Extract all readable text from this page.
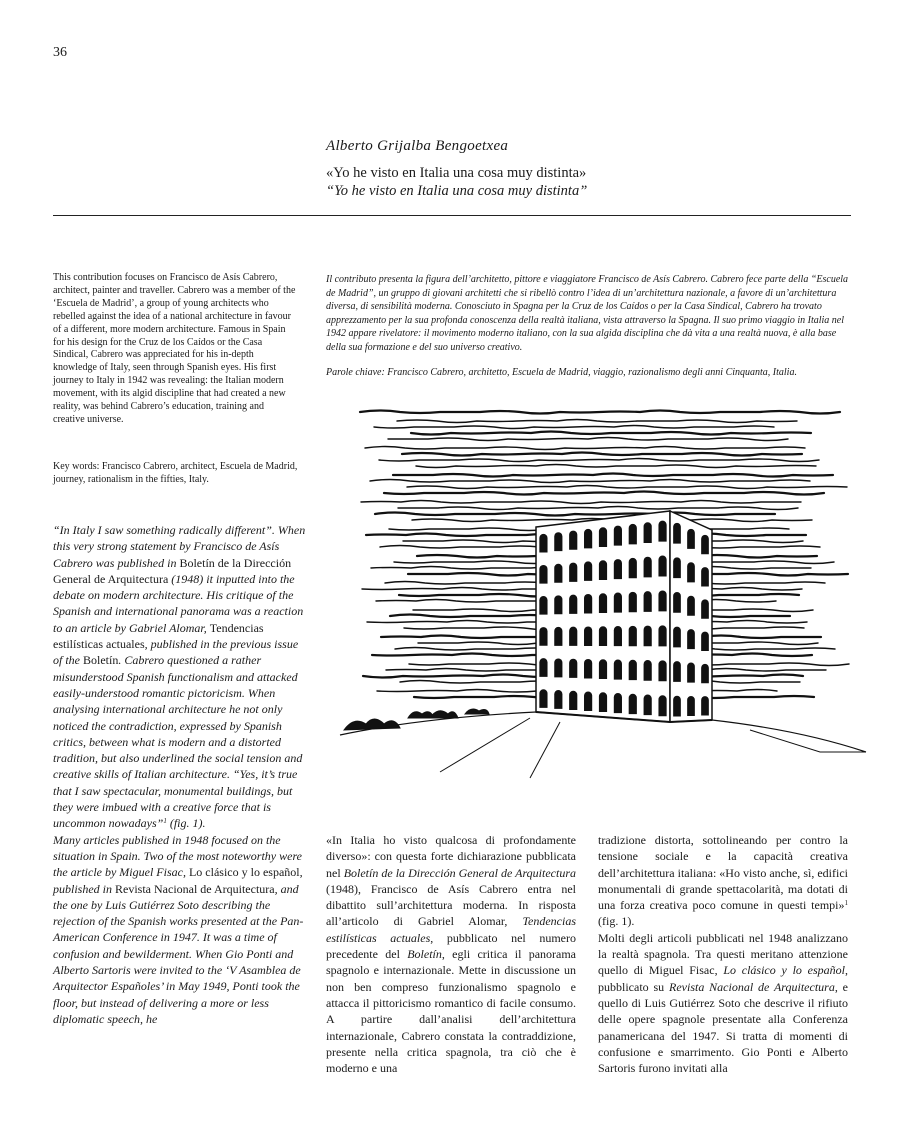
36

Alberto Grijalba Bengoetxea

«Yo he visto en Italia una cosa muy distinta»

“Yo he visto en Italia una cosa muy distinta”

This contribution focuses on Francisco de Asís Cabrero, architect, painter and traveller. Cabrero was a member of the ‘Escuela de Madrid’, a group of young architects who rebelled against the idea of a national architecture in favour of a different, more modern architecture. Famous in Spain for his design for the Cruz de los Caídos or the Casa Sindical, Cabrero was appreciated for his in-depth knowledge of Italy, seen through Spanish eyes. His first journey to Italy in 1942 was revealing: the Italian modern movement, with its algid discipline that had created a new reality, was behind Cabrero’s education, training and creative universe.

Key words: Francisco Cabrero, architect, Escuela de Madrid, journey, rationalism in the fifties, Italy.

Il contributo presenta la figura dell’architetto, pittore e viaggiatore Francisco de Asís Cabrero. Cabrero fece parte della “Escuela de Madrid”, un gruppo di giovani architetti che si ribellò contro l’idea di un’architettura nazionale, a favore di un’architettura diversa, di sensibilità moderna. Conosciuto in Spagna per la Cruz de los Caídos o per la Casa Sindical, Cabrero ha trovato apprezzamento per la sua profonda conoscenza della realtà italiana, vista attraverso la Spagna. Il suo primo viaggio in Italia nel 1942 appare rivelatore: il movimento moderno italiano, con la sua algida disciplina che dà vita a una realtà nuova, è alla base della sua formazione e del suo universo creativo.

Parole chiave: Francisco Cabrero, architetto, Escuela de Madrid, viaggio, razionalismo degli anni Cinquanta, Italia.

“In Italy I saw something radically different”. When this very strong statement by Francisco de Asís Cabrero was published in Boletín de la Dirección General de Arquitectura (1948) it inputted into the debate on modern architecture. His critique of the Spanish and international panorama was a reaction to an article by Gabriel Alomar, Tendencias estilísticas actuales, published in the previous issue of the Boletín. Cabrero questioned a rather misunderstood Spanish functionalism and attacked easily-understood romantic pictoricism. When analysing international architecture he not only noticed the contradiction, expressed by Spanish critics, between what is modern and a distorted tradition, but also underlined the social tension and creative skills of Italian architecture. “Yes, it’s true that I saw spectacular, monumental buildings, but they were imbued with a creative force that is uncommon nowadays”$^1$ (fig. 1).
Many articles published in 1948 focused on the situation in Spain. Two of the most noteworthy were the article by Miguel Fisac, Lo clásico y lo español, published in Revista Nacional de Arquitectura, and the one by Luis Gutiérrez Soto describing the rejection of the Spanish works presented at the Pan-American Conference in 1947. It was a time of confusion and bewilderment. When Gio Ponti and Alberto Sartoris were invited to the ‘V Asamblea de Arquitector Españoles’ in May 1949, Ponti took the floor, but instead of delivering a more or less diplomatic speech, he

«In Italia ho visto qualcosa di profondamente diverso»: con questa forte dichiarazione pubblicata nel Boletín de la Dirección General de Arquitectura (1948), Francisco de Asís Cabrero entra nel dibattito sull’architettura moderna. In risposta all’articolo di Gabriel Alomar, Tendencias estilísticas actuales, pubblicato nel numero precedente del Boletín, egli critica il panorama spagnolo e internazionale. Mette in discussione un non ben compreso funzionalismo spagnolo e attacca il pittoricismo romantico di facile consumo. A partire dall’analisi dell’architettura internazionale, Cabrero constata la contraddizione, presente nella critica spagnola, tra ciò che è moderno e una

tradizione distorta, sottolineando per contro la tensione sociale e la capacità creativa dell’architettura italiana: «Ho visto anche, sì, edifici monumentali di grande spettacolarità, ma dotati di una forza creativa poco comune in questi tempi»$^1$ (fig. 1).
Molti degli articoli pubblicati nel 1948 analizzano la realtà spagnola. Tra questi meritano attenzione quello di Miguel Fisac, Lo clásico y lo español, pubblicato su Revista Nacional de Arquitectura, e quello di Luis Gutiérrez Soto che descrive il rifiuto delle opere spagnole presentate alla Conferenza panamericana del 1947. Si tratta di momenti di confusione e smarrimento. Gio Ponti e Alberto Sartoris furono invitati alla
